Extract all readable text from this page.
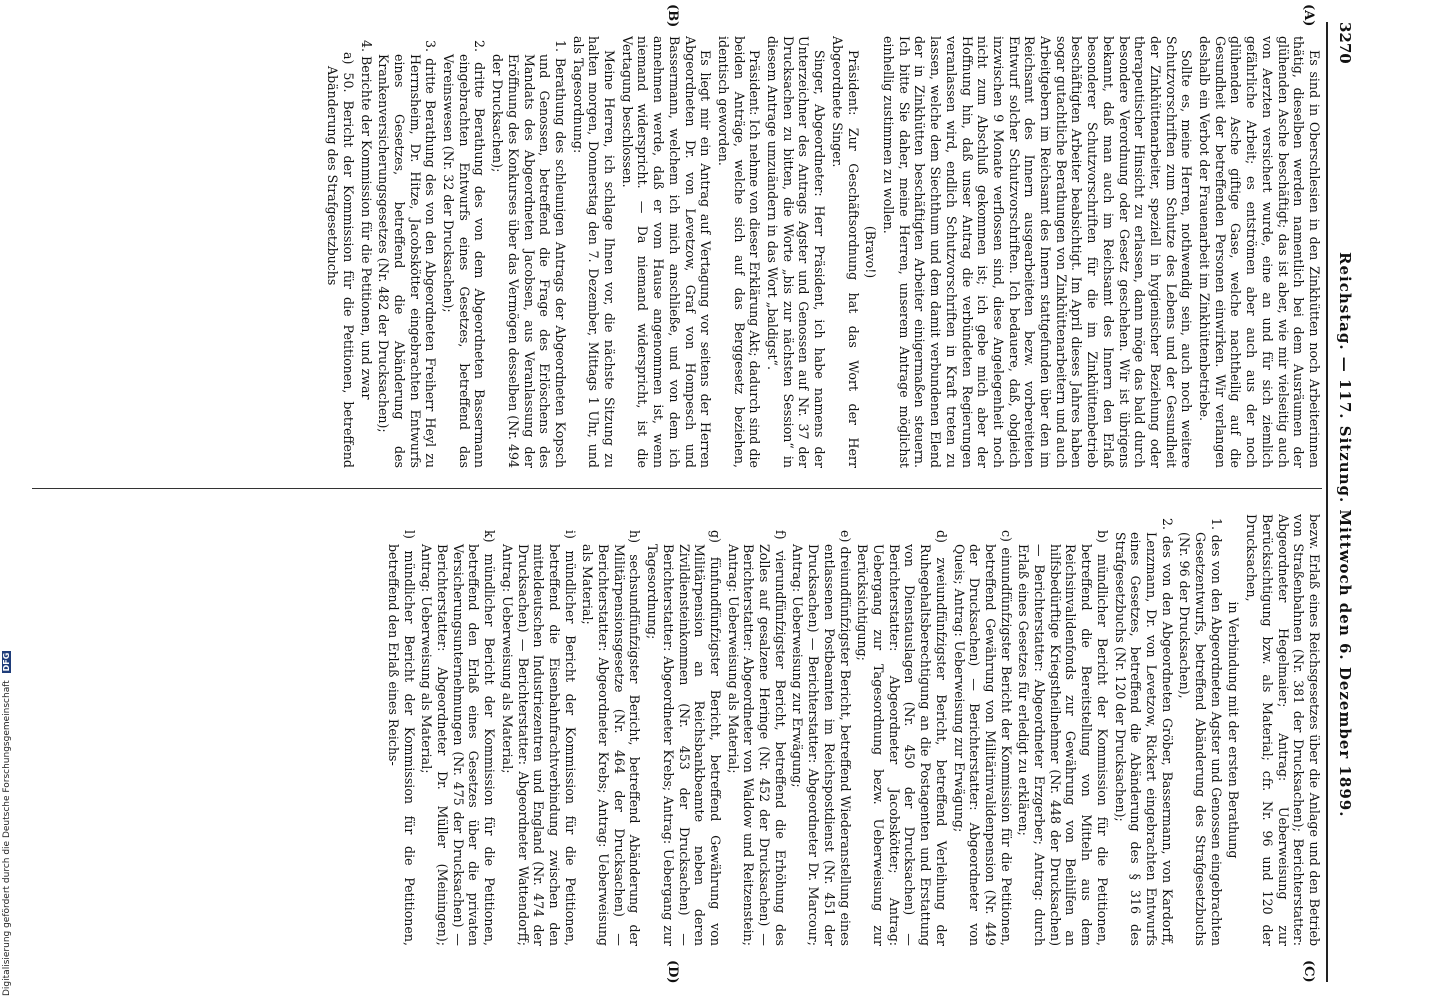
3270
Reichstag. — 117. Sitzung. Mittwoch den 6. Dezember 1899.
(A)
(B)
(C)
(D)

Es sind in Oberschlesien in den Zinkhütten noch Arbeiterinnen thätig, dieselben werden namentlich bei dem Ausräumen der glühenden Asche beschäftigt; das ist aber, wie mir vielseitig auch von Aerzten versichert wurde, eine an und für sich ziemlich gefährliche Arbeit; es entströmen aber auch aus der noch glühenden Asche giftige Gase, welche nachtheilig auf die Gesundheit der betreffenden Personen einwirken. Wir verlangen deshalb ein Verbot der Frauenarbeit im Zinkhüttenbetriebe.

Sollte es, meine Herren, nothwendig sein, auch noch weitere Schutzvorschriften zum Schutze des Lebens und der Gesundheit der Zinkhüttenarbeiter, speziell in hygienischer Beziehung oder therapeutischer Hinsicht zu erlassen, dann möge das bald durch besondere Verordnung oder Gesetz geschehen. Wir ist übrigens bekannt, daß man auch im Reichsamt des Innern den Erlaß besonderer Schutzvorschriften für die im Zinkhüttenbetrieb beschäftigten Arbeiter beabsichtigt. Im April dieses Jahres haben sogar gutachtliche Berathungen von Zinkhüttenarbeitern und auch Arbeitgebern im Reichsamt des Innern stattgefunden über den im Reichsamt des Innern ausgearbeiteten bezw. vorbereiteten Entwurf solcher Schutzvorschriften. Ich bedauere, daß, obgleich inzwischen 9 Monate verflossen sind, diese Angelegenheit noch nicht zum Abschluß gekommen ist; ich gebe mich aber der Hoffnung hin, daß unser Antrag die verbündeten Regierungen veranlassen wird, endlich Schutzvorschriften in Kraft treten zu lassen, welche dem Siechthum und dem damit verbundenen Elend der in Zinkhütten beschäftigten Arbeiter einigermaßen steuern. Ich bitte Sie daher, meine Herren, unserem Antrage möglichst einhellig zustimmen zu wollen.

(Bravo!)

Präsident: Zur Geschäftsordnung hat das Wort der Herr Abgeordnete Singer.

Singer, Abgeordneter: Herr Präsident, ich habe namens der Unterzeichner des Antrags Agster und Genossen auf Nr. 37 der Drucksachen zu bitten, die Worte „bis zur nächsten Session“ in diesem Antrage umzuändern in das Wort „baldigst“.

Präsident: Ich nehme von dieser Erklärung Akt; dadurch sind die beiden Anträge, welche sich auf das Berggesetz beziehen, identisch geworden.

Es liegt mir ein Antrag auf Vertagung vor seitens der Herren Abgeordneten Dr. von Levetzow, Graf von Hompesch und Bassermann, welchem ich mich anschließe, und von dem ich annehmen werde, daß er vom Hause angenommen ist, wenn niemand widerspricht. — Da niemand widerspricht, ist die Vertagung beschlossen.

Meine Herren, ich schlage Ihnen vor, die nächste Sitzung zu halten morgen, Donnerstag den 7. Dezember, Mittags 1 Uhr, und als Tagesordnung:

1. Berathung des schleunigen Antrags der Abgeordneten Kopsch und Genossen, betreffend die Frage des Erlöschens des Mandats des Abgeordneten Jacobsen, aus Veranlassung der Eröffnung des Konkurses über das Vermögen desselben (Nr. 494 der Drucksachen);

2. dritte Berathung des von dem Abgeordneten Bassermann eingebrachten Entwurfs eines Gesetzes, betreffend das Vereinswesen (Nr. 32 der Drucksachen);

3. dritte Berathung des von den Abgeordneten Freiherr Heyl zu Herrnsheim, Dr. Hitze, Jacobskötter eingebrachten Entwurfs eines Gesetzes, betreffend die Abänderung des Krankenversicherungsgesetzes (Nr. 482 der Drucksachen);

4. Berichte der Kommission für die Petitionen, und zwar

a) 50. Bericht der Kommission für die Petitionen, betreffend Abänderung des Strafgesetzbuchs

bezw. Erlaß eines Reichsgesetzes über die Anlage und den Betrieb von Straßenbahnen (Nr. 381 der Drucksachen); Berichterstatter: Abgeordneter Hegelmaier; Antrag: Ueberweisung zur Berücksichtigung bzw. als Material; cfr. Nr. 96 und 120 der Drucksachen,

in Verbindung mit der ersten Berathung

1. des von den Abgeordneten Agster und Genossen eingebrachten Gesetzentwurfs, betreffend Abänderung des Strafgesetzbuchs (Nr. 96 der Drucksachen),

2. des von den Abgeordneten Gröber, Bassermann, von Kardorff, Lenzmann, Dr. von Levetzow, Rickert eingebrachten Entwurfs eines Gesetzes, betreffend die Abänderung des § 316 des Strafgesetzbuchs (Nr. 120 der Drucksachen);

b) mündlicher Bericht der Kommission für die Petitionen, betreffend die Bereitstellung von Mitteln aus dem Reichsinvalidenfonds zur Gewährung von Beihilfen an hilfsbedürftige Kriegstheilnehmer (Nr. 448 der Drucksachen) — Berichterstatter: Abgeordneter Erzgerber; Antrag: durch Erlaß eines Gesetzes für erledigt zu erklären;

c) einundfünfzigster Bericht der Kommission für die Petitionen, betreffend Gewährung von Militärinvalidenpension (Nr. 449 der Drucksachen) — Berichterstatter: Abgeordneter von Queis; Antrag: Ueberweisung zur Erwägung;

d) zweiundfünfzigster Bericht, betreffend Verleihung der Ruhegehaltsberechtigung an die Postagenten und Erstattung von Dienstauslagen (Nr. 450 der Drucksachen) — Berichterstatter: Abgeordneter Jacobskötter; Antrag: Uebergang zur Tagesordnung bezw. Ueberweisung zur Berücksichtigung;

e) dreiundfünfzigster Bericht, betreffend Wiederanstellung eines entlassenen Postbeamten im Reichspostdienst (Nr. 451 der Drucksachen) — Berichterstatter: Abgeordneter Dr. Marcour; Antrag: Ueberweisung zur Erwägung;

f) vierundfünfzigster Bericht, betreffend die Erhöhung des Zolles auf gesalzene Heringe (Nr. 452 der Drucksachen) — Berichterstatter: Abgeordneter von Waldow und Reitzenstein; Antrag: Ueberweisung als Material;

g) fünfundfünfzigster Bericht, betreffend Gewährung von Militärpension an Reichsbankbeamte neben deren Zivildiensteinkommen (Nr. 453 der Drucksachen) — Berichterstatter: Abgeordneter Krebs; Antrag: Uebergang zur Tagesordnung;

h) sechsundfünfzigster Bericht, betreffend Abänderung der Militärpensionsgesetze (Nr. 464 der Drucksachen) — Berichterstatter: Abgeordneter Krebs; Antrag: Ueberweisung als Material;

i) mündlicher Bericht der Kommission für die Petitionen, betreffend die Eisenbahnfrachtverbindung zwischen den mitteldeutschen Industriezentren und England (Nr. 474 der Drucksachen) — Berichterstatter: Abgeordneter Wattendorff; Antrag: Ueberweisung als Material;

k) mündlicher Bericht der Kommission für die Petitionen, betreffend den Erlaß eines Gesetzes über die privaten Versicherungsunternehmungen (Nr. 475 der Drucksachen) — Berichterstatter: Abgeordneter Dr. Müller (Meiningen); Antrag: Ueberweisung als Material;

l) mündlicher Bericht der Kommission für die Petitionen, betreffend den Erlaß eines Reichs-

Digitalisierung gefördert durch die Deutsche Forschungsgemeinschaft DFG
